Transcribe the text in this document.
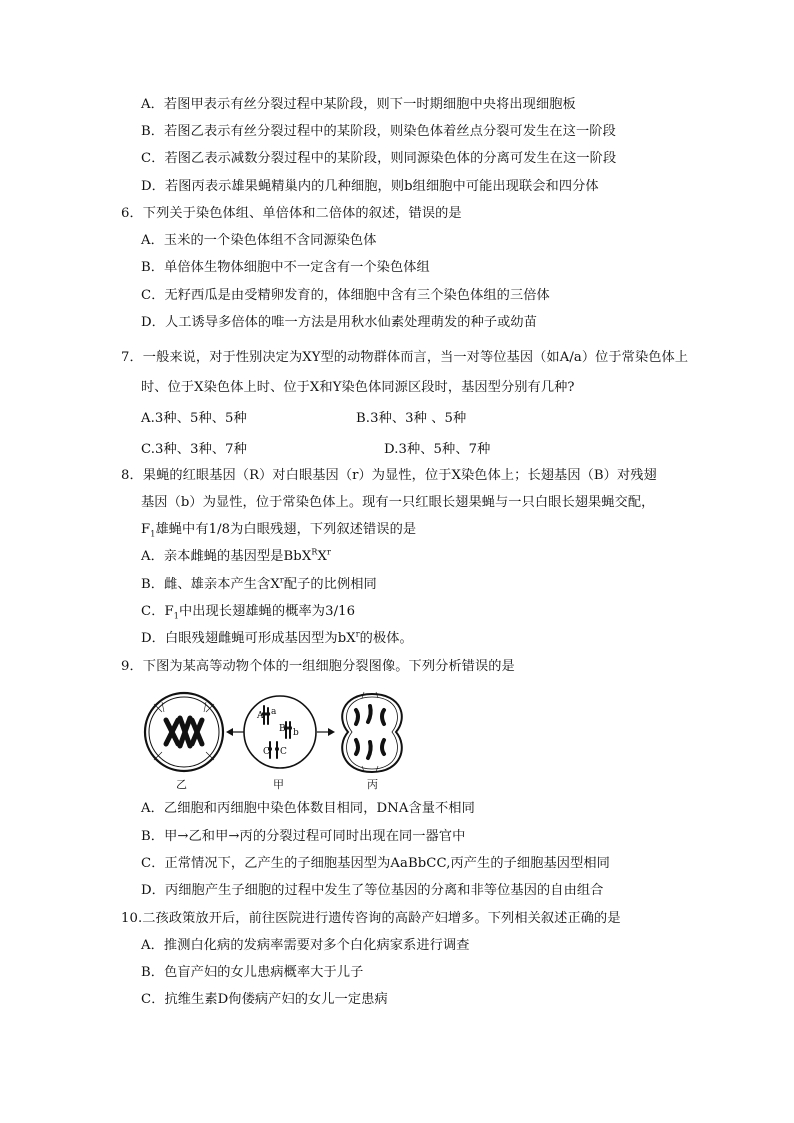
A．若图甲表示有丝分裂过程中某阶段，则下一时期细胞中央将出现细胞板
B．若图乙表示有丝分裂过程中的某阶段，则染色体着丝点分裂可发生在这一阶段
C．若图乙表示减数分裂过程中的某阶段，则同源染色体的分离可发生在这一阶段
D．若图丙表示雄果蝇精巢内的几种细胞，则b组细胞中可能出现联会和四分体
6．下列关于染色体组、单倍体和二倍体的叙述，错误的是
A．玉米的一个染色体组不含同源染色体
B．单倍体生物体细胞中不一定含有一个染色体组
C．无籽西瓜是由受精卵发育的，体细胞中含有三个染色体组的三倍体
D．人工诱导多倍体的唯一方法是用秋水仙素处理萌发的种子或幼苗
7．一般来说，对于性别决定为XY型的动物群体而言，当一对等位基因（如A/a）位于常染色体上
时、位于X染色体上时、位于X和Y染色体同源区段时，基因型分别有几种?
A.3种、5种、5种	B.3种、3种 、5种
C.3种、3种、7种	D.3种、5种、7种
8．果蝇的红眼基因（R）对白眼基因（r）为显性，位于X染色体上；长翅基因（B）对残翅
基因（b）为显性，位于常染色体上。现有一只红眼长翅果蝇与一只白眼长翅果蝇交配，
$F_1$雄蝇中有1/8为白眼残翅，下列叙述错误的是
A．亲本雌蝇的基因型是$BbX^RX^r$
B．雌、雄亲本产生含$X^r$配子的比例相同
C．$F_1$中出现长翅雄蝇的概率为3/16
D．白眼残翅雌蝇可形成基因型为$bX^r$的极体。
9．下图为某高等动物个体的一组细胞分裂图像。下列分析错误的是
A a
B b
C C
乙	甲	丙
A．乙细胞和丙细胞中染色体数目相同，DNA含量不相同
B．甲→乙和甲→丙的分裂过程可同时出现在同一器官中
C．正常情况下，乙产生的子细胞基因型为AaBbCC,丙产生的子细胞基因型相同
D．丙细胞产生子细胞的过程中发生了等位基因的分离和非等位基因的自由组合
10.二孩政策放开后，前往医院进行遗传咨询的高龄产妇增多。下列相关叙述正确的是
A．推测白化病的发病率需要对多个白化病家系进行调查
B．色盲产妇的女儿患病概率大于儿子
C．抗维生素D佝偻病产妇的女儿一定患病
